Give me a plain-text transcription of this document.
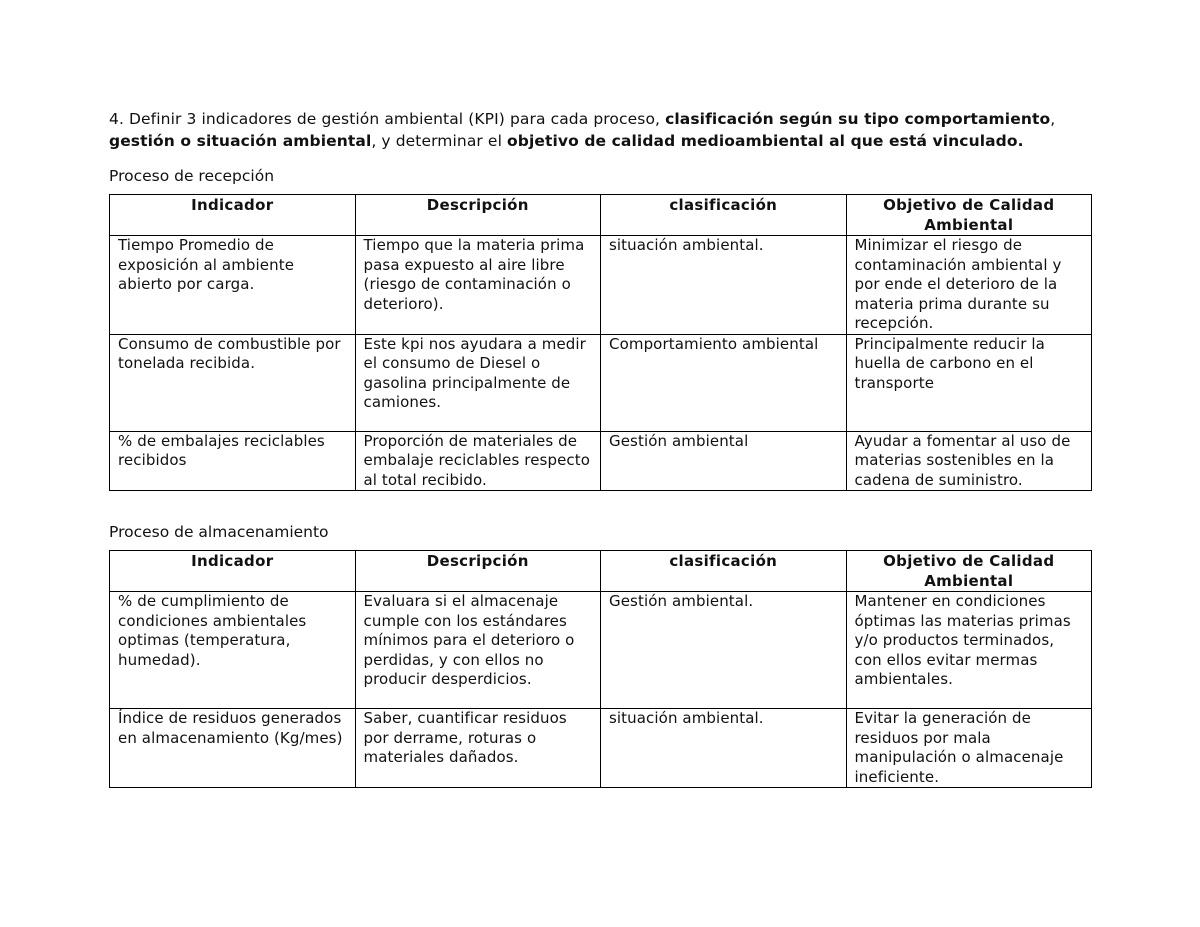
4. Definir 3 indicadores de gestión ambiental (KPI) para cada proceso, clasificación según su tipo comportamiento, gestión o situación ambiental, y determinar el objetivo de calidad medioambiental al que está vinculado.

Proceso de recepción

Indicador	Descripción	clasificación	Objetivo de Calidad Ambiental
Tiempo Promedio de exposición al ambiente abierto por carga.	Tiempo que la materia prima pasa expuesto al aire libre (riesgo de contaminación o deterioro).	situación ambiental.	Minimizar el riesgo de contaminación ambiental y por ende el deterioro de la materia prima durante su recepción.
Consumo de combustible por tonelada recibida.	Este kpi nos ayudara a medir el consumo de Diesel o gasolina principalmente de camiones.	Comportamiento ambiental	Principalmente reducir la huella de carbono en el transporte
% de embalajes reciclables recibidos	Proporción de materiales de embalaje reciclables respecto al total recibido.	Gestión ambiental	Ayudar a fomentar al uso de materias sostenibles en la cadena de suministro.

Proceso de almacenamiento

Indicador	Descripción	clasificación	Objetivo de Calidad Ambiental
% de cumplimiento de condiciones ambientales optimas (temperatura, humedad).	Evaluara si el almacenaje cumple con los estándares mínimos para el deterioro o perdidas, y con ellos no producir desperdicios.	Gestión ambiental.	Mantener en condiciones óptimas las materias primas y/o productos terminados, con ellos evitar mermas ambientales.
Índice de residuos generados en almacenamiento (Kg/mes)	Saber, cuantificar residuos por derrame, roturas o materiales dañados.	situación ambiental.	Evitar la generación de residuos por mala manipulación o almacenaje ineficiente.
